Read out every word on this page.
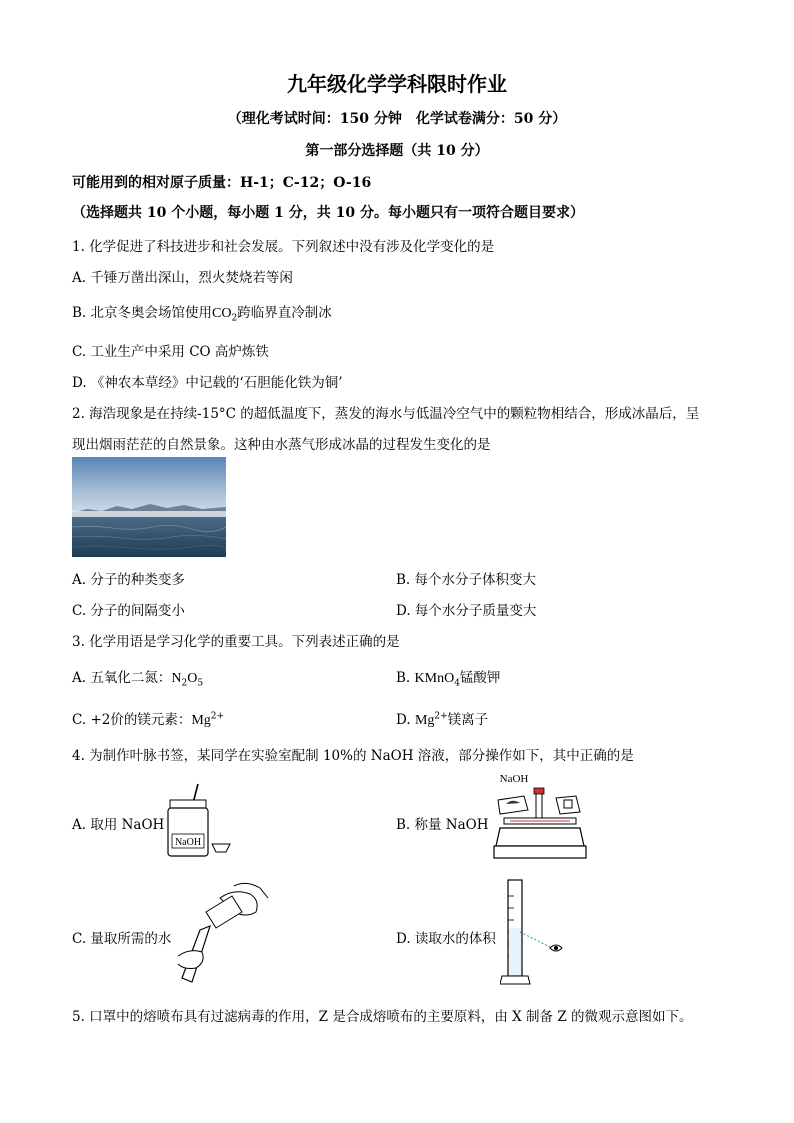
九年级化学学科限时作业
（理化考试时间：150 分钟　化学试卷满分：50 分）
第一部分选择题（共 10 分）
可能用到的相对原子质量：H-1；C-12；O-16
（选择题共 10 个小题，每小题 1 分，共 10 分。每小题只有一项符合题目要求）
1. 化学促进了科技进步和社会发展。下列叙述中没有涉及化学变化的是
A. 千锤万凿出深山，烈火焚烧若等闲
B. 北京冬奥会场馆使用$CO_2$跨临界直冷制冰
C. 工业生产中采用 CO 高炉炼铁
D. 《神农本草经》中记载的‘石胆能化铁为铜’
2. 海浩现象是在持续-15°C 的超低温度下，蒸发的海水与低温冷空气中的颗粒物相结合，形成冰晶后，呈
现出烟雨茫茫的自然景象。这种由水蒸气形成冰晶的过程发生变化的是
A. 分子的种类变多	B. 每个水分子体积变大
C. 分子的间隔变小	D. 每个水分子质量变大
3. 化学用语是学习化学的重要工具。下列表述正确的是
A. 五氧化二氮：$N_2O_5$	B. KMnO$_4$锰酸钾
C. +2价的镁元素：$Mg^{2+}$	D. $Mg^{2+}$镁离子
4. 为制作叶脉书签，某同学在实验室配制 10%的 NaOH 溶液，部分操作如下，其中正确的是
A. 取用 NaOH
NaOH
B. 称量 NaOH
NaOH
C. 量取所需的水	D. 读取水的体积
5. 口罩中的熔喷布具有过滤病毒的作用，Z 是合成熔喷布的主要原料，由 X 制备 Z 的微观示意图如下。
